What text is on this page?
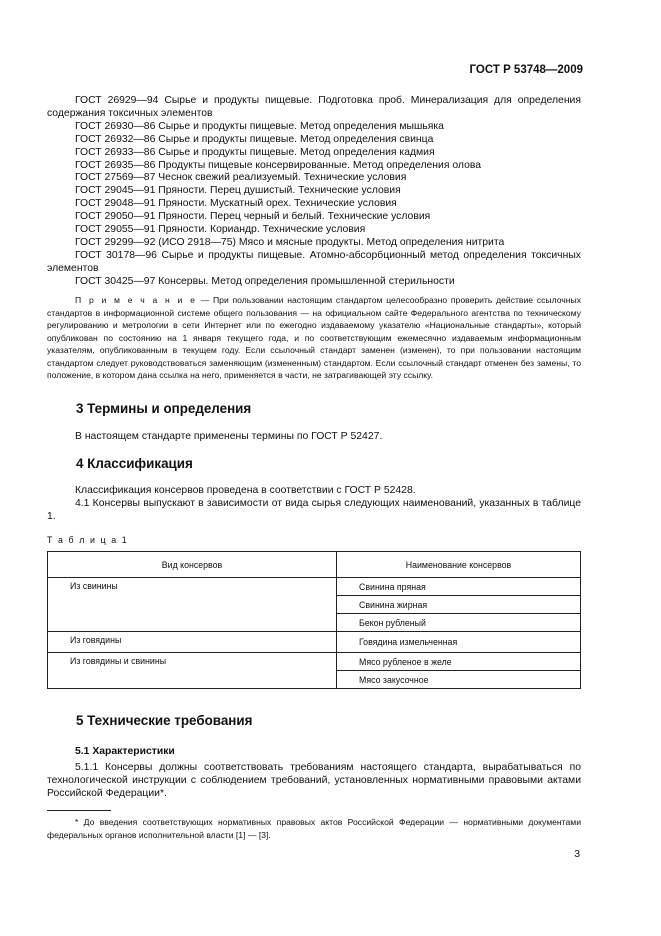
ГОСТ Р 53748—2009
ГОСТ 26929—94 Сырье и продукты пищевые. Подготовка проб. Минерализация для определения содержания токсичных элементов
ГОСТ 26930—86 Сырье и продукты пищевые. Метод определения мышьяка
ГОСТ 26932—86 Сырье и продукты пищевые. Метод определения свинца
ГОСТ 26933—86 Сырье и продукты пищевые. Метод определения кадмия
ГОСТ 26935—86 Продукты пищевые консервированные. Метод определения олова
ГОСТ 27569—87 Чеснок свежий реализуемый. Технические условия
ГОСТ 29045—91 Пряности. Перец душистый. Технические условия
ГОСТ 29048—91 Пряности. Мускатный орех. Технические условия
ГОСТ 29050—91 Пряности. Перец черный и белый. Технические условия
ГОСТ 29055—91 Пряности. Кориандр. Технические условия
ГОСТ 29299—92 (ИСО 2918—75) Мясо и мясные продукты. Метод определения нитрита
ГОСТ 30178—96 Сырье и продукты пищевые. Атомно-абсорбционный метод определения токсичных элементов
ГОСТ 30425—97 Консервы. Метод определения промышленной стерильности
П р и м е ч а н и е — При пользовании настоящим стандартом целесообразно проверить действие ссылочных стандартов в информационной системе общего пользования — на официальном сайте Федерального агентства по техническому регулированию и метрологии в сети Интернет или по ежегодно издаваемому указателю «Национальные стандарты», который опубликован по состоянию на 1 января текущего года, и по соответствующим ежемесячно издаваемым информационным указателям, опубликованным в текущем году. Если ссылочный стандарт заменен (изменен), то при пользовании настоящим стандартом следует руководствоваться заменяющим (измененным) стандартом. Если ссылочный стандарт отменен без замены, то положение, в котором дана ссылка на него, применяется в части, не затрагивающей эту ссылку.
3 Термины и определения
В настоящем стандарте применены термины по ГОСТ Р 52427.
4 Классификация
Классификация консервов проведена в соответствии с ГОСТ Р 52428.
4.1 Консервы выпускают в зависимости от вида сырья следующих наименований, указанных в таблице 1.
Т а б л и ц а 1
Вид консервов	Наименование консервов
Из свинины	Свинина пряная
	Свинина жирная
	Бекон рубленый
Из говядины	Говядина измельченная
Из говядины и свинины	Мясо рубленое в желе
	Мясо закусочное
5 Технические требования
5.1 Характеристики
5.1.1 Консервы должны соответствовать требованиям настоящего стандарта, вырабатываться по технологической инструкции с соблюдением требований, установленных нормативными правовыми актами Российской Федерации*.
* До введения соответствующих нормативных правовых актов Российской Федерации — нормативными документами федеральных органов исполнительной власти [1] — [3].
3
